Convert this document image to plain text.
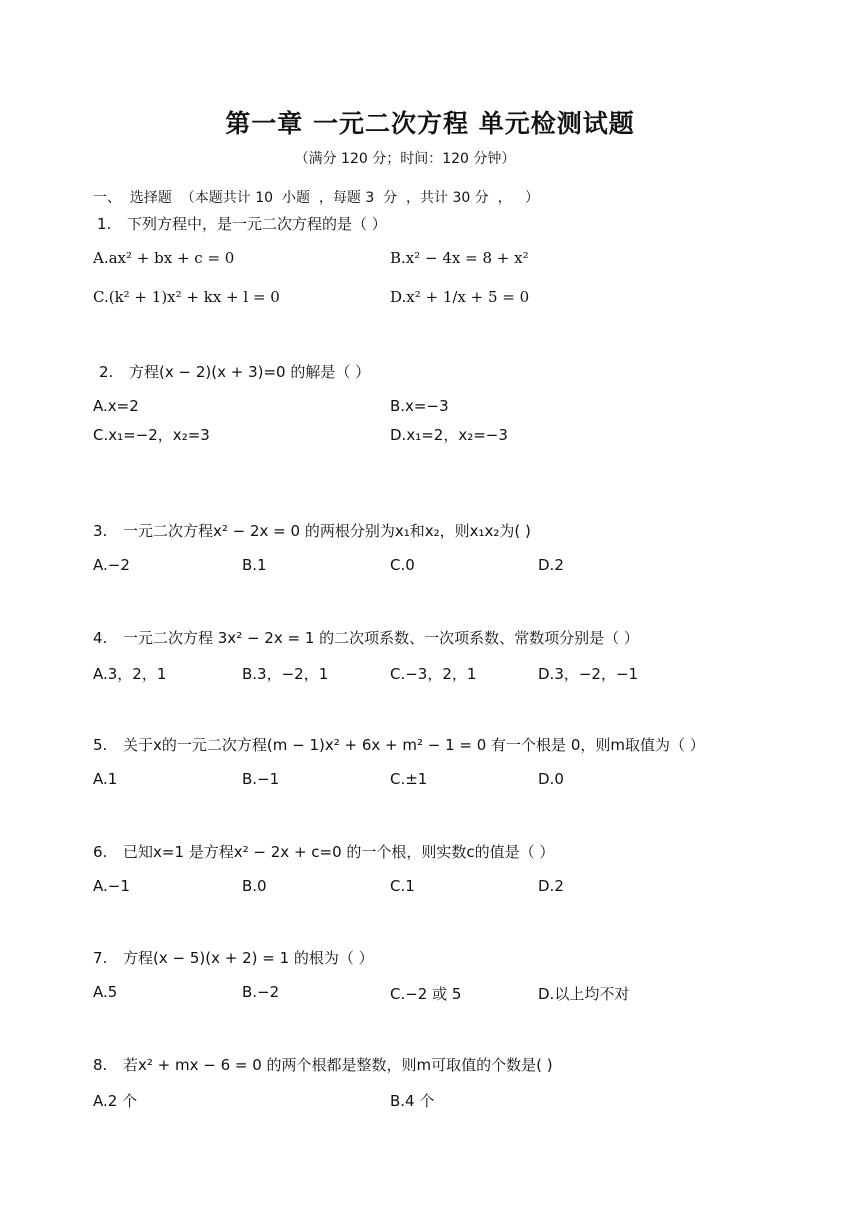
第一章 一元二次方程 单元检测试题
（满分 120 分；时间：120 分钟）
一、  选择题  （本题共计 10  小题  ，每题 3  分  ，共计 30 分  ，   ）
1. 下列方程中，是一元二次方程的是（ ）
A.ax² + bx + c = 0	B.x² − 4x = 8 + x²
C.(k² + 1)x² + kx + l = 0	D.x² + 1/x + 5 = 0
2. 方程(x − 2)(x + 3)=0 的解是（ ）
A.x=2	B.x=−3
C.x₁=−2，x₂=3	D.x₁=2，x₂=−3
3. 一元二次方程x² − 2x = 0 的两根分别为x₁和x₂，则x₁x₂为( )
A.−2	B.1	C.0	D.2
4. 一元二次方程 3x² − 2x = 1 的二次项系数、一次项系数、常数项分别是（ ）
A.3，2，1	B.3，−2，1	C.−3，2，1	D.3，−2，−1
5. 关于x的一元二次方程(m − 1)x² + 6x + m² − 1 = 0 有一个根是 0，则m取值为（ ）
A.1	B.−1	C.±1	D.0
6. 已知x=1 是方程x² − 2x + c=0 的一个根，则实数c的值是（ ）
A.−1	B.0	C.1	D.2
7. 方程(x − 5)(x + 2) = 1 的根为（ ）
A.5	B.−2	C.−2 或 5	D.以上均不对
8. 若x² + mx − 6 = 0 的两个根都是整数，则m可取值的个数是( )
A.2 个	B.4 个
